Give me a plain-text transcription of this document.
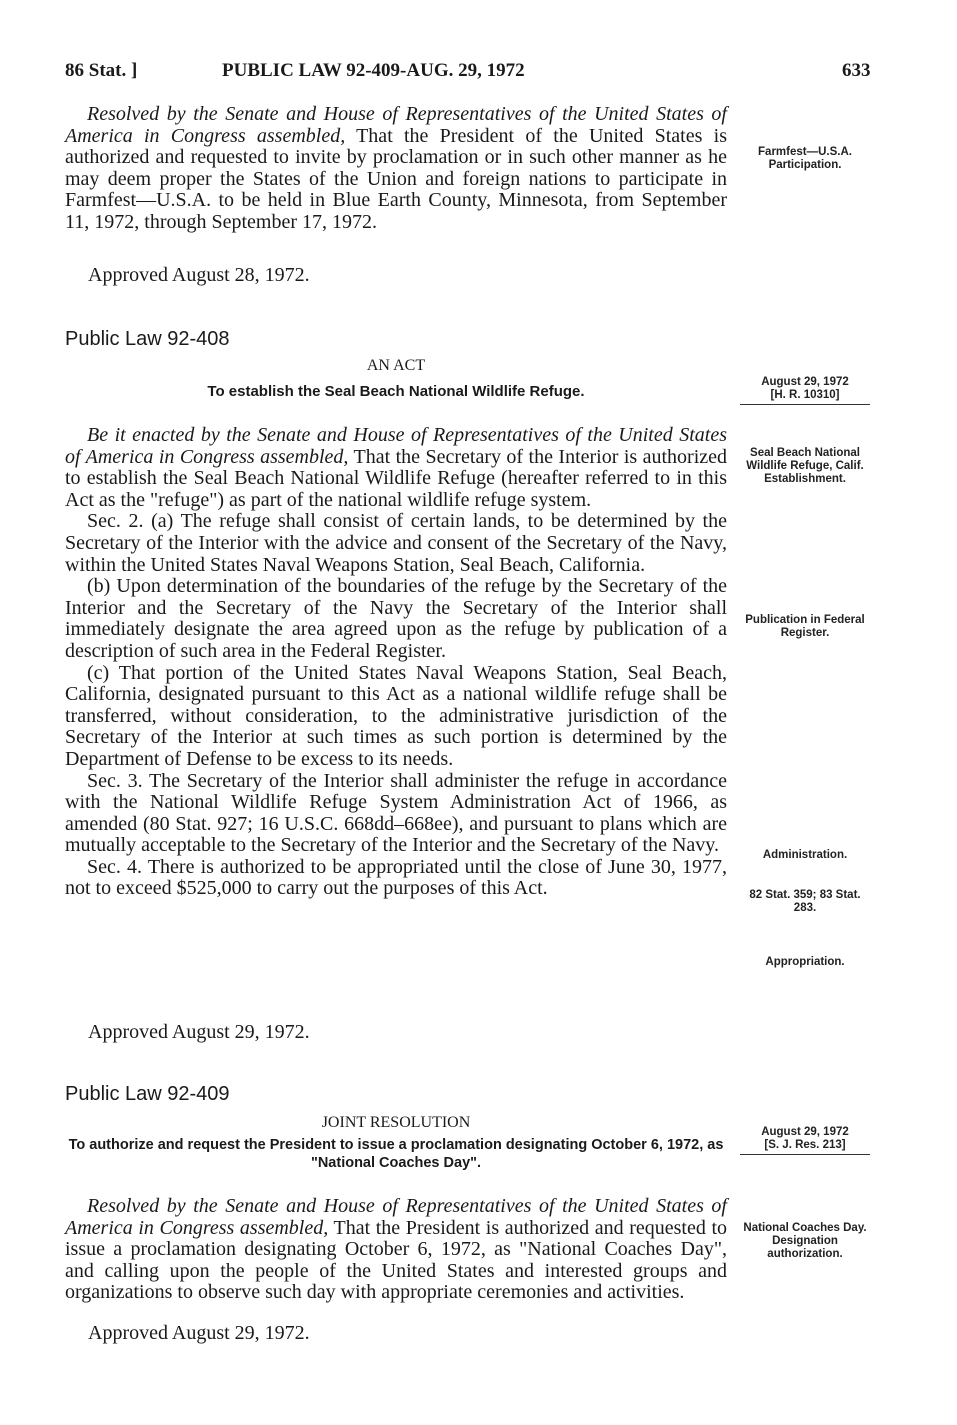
86 Stat. ]	PUBLIC LAW 92-409-AUG. 29, 1972	633

Resolved by the Senate and House of Representatives of the United States of America in Congress assembled, That the President of the United States is authorized and requested to invite by proclamation or in such other manner as he may deem proper the States of the Union and foreign nations to participate in Farmfest—U.S.A. to be held in Blue Earth County, Minnesota, from September 11, 1972, through September 17, 1972.

Farmfest—U.S.A. Participation.
Approved August 28, 1972.
Public Law 92-408
AN ACT
To establish the Seal Beach National Wildlife Refuge.
August 29, 1972
[H. R. 10310]

Be it enacted by the Senate and House of Representatives of the United States of America in Congress assembled, That the Secretary of the Interior is authorized to establish the Seal Beach National Wildlife Refuge (hereafter referred to in this Act as the "refuge") as part of the national wildlife refuge system.

Sec. 2. (a) The refuge shall consist of certain lands, to be determined by the Secretary of the Interior with the advice and consent of the Secretary of the Navy, within the United States Naval Weapons Station, Seal Beach, California.

(b) Upon determination of the boundaries of the refuge by the Secretary of the Interior and the Secretary of the Navy the Secretary of the Interior shall immediately designate the area agreed upon as the refuge by publication of a description of such area in the Federal Register.

(c) That portion of the United States Naval Weapons Station, Seal Beach, California, designated pursuant to this Act as a national wildlife refuge shall be transferred, without consideration, to the administrative jurisdiction of the Secretary of the Interior at such times as such portion is determined by the Department of Defense to be excess to its needs.

Sec. 3. The Secretary of the Interior shall administer the refuge in accordance with the National Wildlife Refuge System Administration Act of 1966, as amended (80 Stat. 927; 16 U.S.C. 668dd–668ee), and pursuant to plans which are mutually acceptable to the Secretary of the Interior and the Secretary of the Navy.

Sec. 4. There is authorized to be appropriated until the close of June 30, 1977, not to exceed $525,000 to carry out the purposes of this Act.

Seal Beach National Wildlife Refuge, Calif. Establishment.
Publication in Federal Register.
Administration.
82 Stat. 359; 83 Stat. 283.
Appropriation.
Approved August 29, 1972.
Public Law 92-409
JOINT RESOLUTION
To authorize and request the President to issue a proclamation designating October 6, 1972, as "National Coaches Day".
August 29, 1972
[S. J. Res. 213]

Resolved by the Senate and House of Representatives of the United States of America in Congress assembled, That the President is authorized and requested to issue a proclamation designating October 6, 1972, as "National Coaches Day", and calling upon the people of the United States and interested groups and organizations to observe such day with appropriate ceremonies and activities.

National Coaches Day. Designation authorization.
Approved August 29, 1972.
